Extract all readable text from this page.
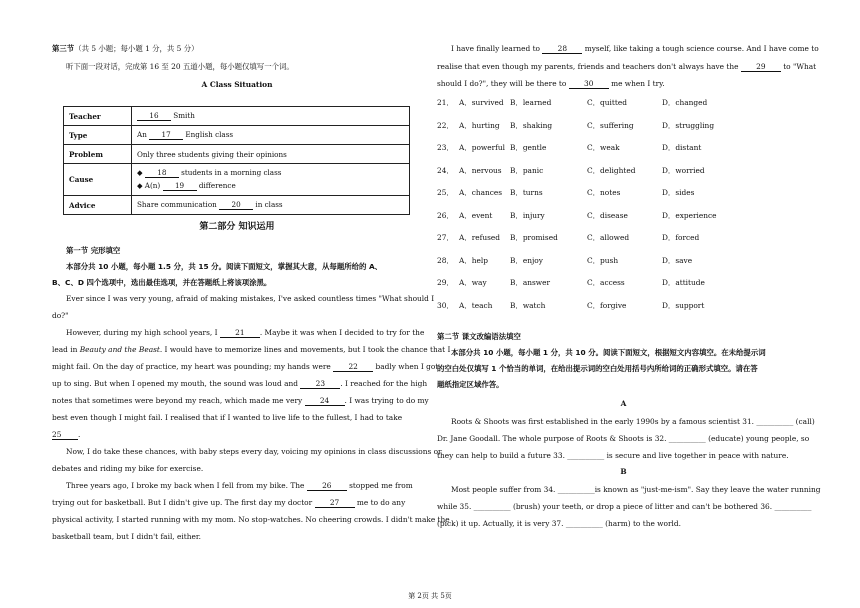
第三节（共 5 小题；每小题 1 分，共 5 分）
听下面一段对话，完成第 16 至 20 五道小题，每小题仅填写一个词。
A Class Situation
Teacher	16 Smith
Type	An 17 English class
Problem	Only three students giving their opinions
Cause	◆ 18 students in a morning class
◆ A(n) 19 difference

Advice	Share communication 20 in class
第二部分 知识运用
第一节 完形填空
本部分共 10 小题，每小题 1.5 分，共 15 分。阅读下面短文，掌握其大意，从每题所给的 A、
B、C、D 四个选项中，选出最佳选项，并在答题纸上将该项涂黑。
Ever since I was very young, afraid of making mistakes, I've asked countless times "What should I
do?"
However, during my high school years, I 21 . Maybe it was when I decided to try for the
lead in Beauty and the Beast. I would have to memorize lines and movements, but I took the chance that I
might fail. On the day of practice, my heart was pounding; my hands were 22 badly when I got
up to sing. But when I opened my mouth, the sound was loud and 23 . I reached for the high
notes that sometimes were beyond my reach, which made me very 24 . I was trying to do my
best even though I might fail. I realised that if I wanted to live life to the fullest, I had to take
25 .
Now, I do take these chances, with baby steps every day, voicing my opinions in class discussions or
debates and riding my bike for exercise.
Three years ago, I broke my back when I fell from my bike. The 26 stopped me from
trying out for basketball. But I didn't give up. The first day my doctor 27 me to do any
physical activity, I started running with my mom. No stop-watches. No cheering crowds. I didn't make the
basketball team, but I didn't fail, either.
I have finally learned to 28 myself, like taking a tough science course. And I have come to
realise that even though my parents, friends and teachers don't always have the 29 to "What
should I do?", they will be there to 30 me when I try.
21． A．survived B．learned	C．quitted	D．changed
22． A．hurting B．shaking	C．suffering	D．struggling
23． A．powerful B．gentle	C．weak	D．distant
24． A．nervous B．panic	C．delighted	D．worried
25． A．chances B．turns	C．notes	D．sides
26． A．event B．injury	C．disease	D．experience
27． A．refused B．promised	C．allowed	D．forced
28． A．help	B．enjoy	C．push	D．save
29． A．way	B．answer	C．access	D．attitude
30． A．teach B．watch	C．forgive	D．support
第二节 课文改编语法填空
本部分共 10 小题，每小题 1 分，共 10 分。阅读下面短文，根据短文内容填空。在未给提示词
的空白处仅填写 1 个恰当的单词，在给出提示词的空白处用括号内所给词的正确形式填空。请在答
题纸指定区域作答。
A
Roots & Shoots was first established in the early 1990s by a famous scientist 31. __________ (call)
Dr. Jane Goodall. The whole purpose of Roots & Shoots is 32. __________ (educate) young people, so
they can help to build a future 33. __________ is secure and live together in peace with nature.
B
Most people suffer from 34. __________is known as "just-me-ism". Say they leave the water running
while 35. __________ (brush) your teeth, or drop a piece of litter and can't be bothered 36. __________
(pick) it up. Actually, it is very 37. __________ (harm) to the world.
第 2页 共 5页
